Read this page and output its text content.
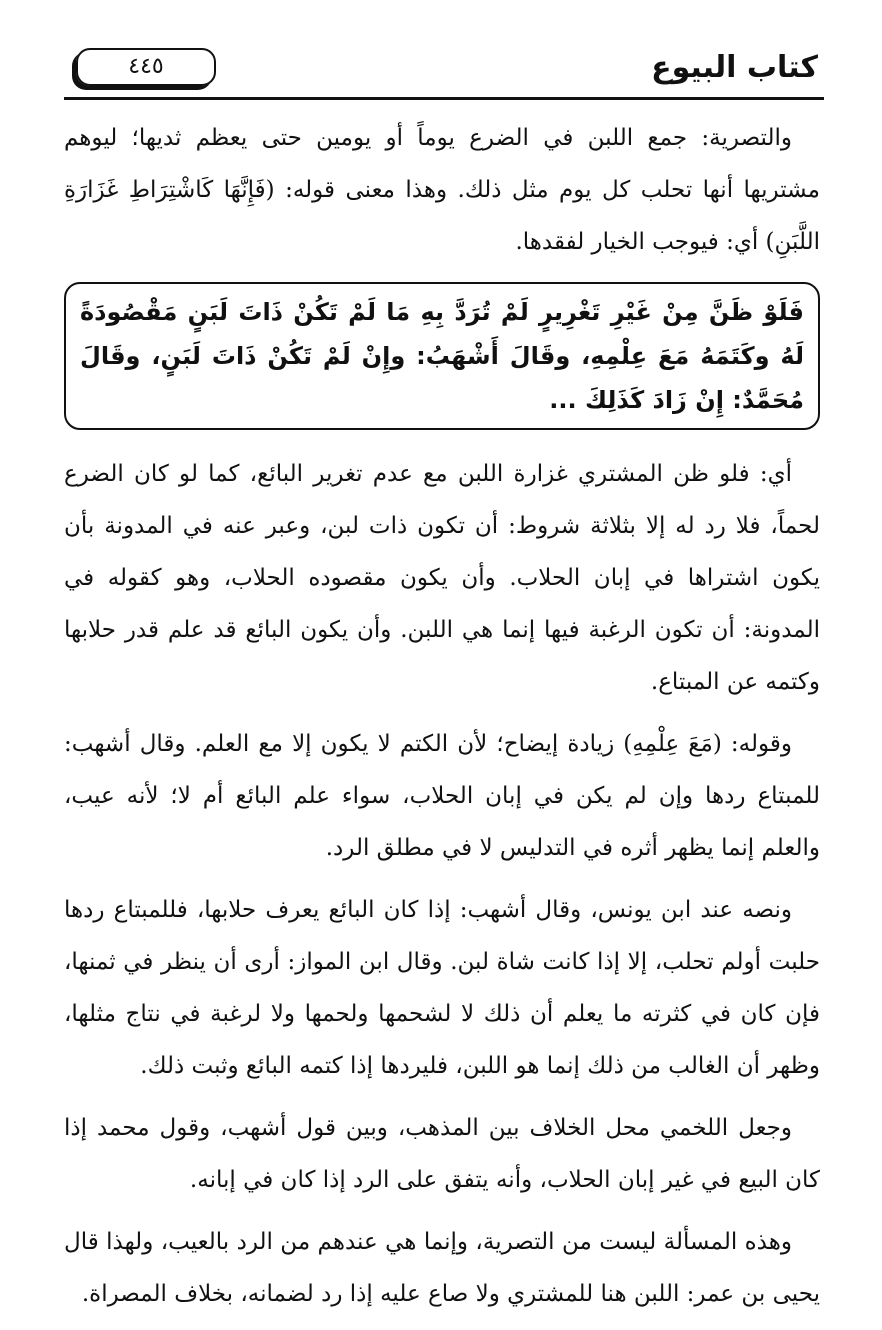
كتاب البيوع
٤٤٥

والتصرية: جمع اللبن في الضرع يوماً أو يومين حتى يعظم ثديها؛ ليوهم مشتريها أنها تحلب كل يوم مثل ذلك. وهذا معنى قوله: (فَإِنَّهَا كَاشْتِرَاطِ غَزَارَةِ اللَّبَنِ) أي: فيوجب الخيار لفقدها.

فَلَوْ ظَنَّ مِنْ غَيْرِ تَغْرِيرٍ لَمْ تُرَدَّ بِهِ مَا لَمْ تَكُنْ ذَاتَ لَبَنٍ مَقْصُودَةً لَهُ وكَتَمَهُ مَعَ عِلْمِهِ، وقَالَ أَشْهَبُ: وإِنْ لَمْ تَكُنْ ذَاتَ لَبَنٍ، وقَالَ مُحَمَّدٌ: إِنْ زَادَ كَذَلِكَ ...

أي: فلو ظن المشتري غزارة اللبن مع عدم تغرير البائع، كما لو كان الضرع لحماً، فلا رد له إلا بثلاثة شروط: أن تكون ذات لبن، وعبر عنه في المدونة بأن يكون اشتراها في إبان الحلاب. وأن يكون مقصوده الحلاب، وهو كقوله في المدونة: أن تكون الرغبة فيها إنما هي اللبن. وأن يكون البائع قد علم قدر حلابها وكتمه عن المبتاع.

وقوله: (مَعَ عِلْمِهِ) زيادة إيضاح؛ لأن الكتم لا يكون إلا مع العلم. وقال أشهب: للمبتاع ردها وإن لم يكن في إبان الحلاب، سواء علم البائع أم لا؛ لأنه عيب، والعلم إنما يظهر أثره في التدليس لا في مطلق الرد.

ونصه عند ابن يونس، وقال أشهب: إذا كان البائع يعرف حلابها، فللمبتاع ردها حلبت أولم تحلب، إلا إذا كانت شاة لبن. وقال ابن المواز: أرى أن ينظر في ثمنها، فإن كان في كثرته ما يعلم أن ذلك لا لشحمها ولحمها ولا لرغبة في نتاج مثلها، وظهر أن الغالب من ذلك إنما هو اللبن، فليردها إذا كتمه البائع وثبت ذلك.

وجعل اللخمي محل الخلاف بين المذهب، وبين قول أشهب، وقول محمد إذا كان البيع في غير إبان الحلاب، وأنه يتفق على الرد إذا كان في إبانه.

وهذه المسألة ليست من التصرية، وإنما هي عندهم من الرد بالعيب، ولهذا قال يحيى بن عمر: اللبن هنا للمشتري ولا صاع عليه إذا رد لضمانه، بخلاف المصراة.
